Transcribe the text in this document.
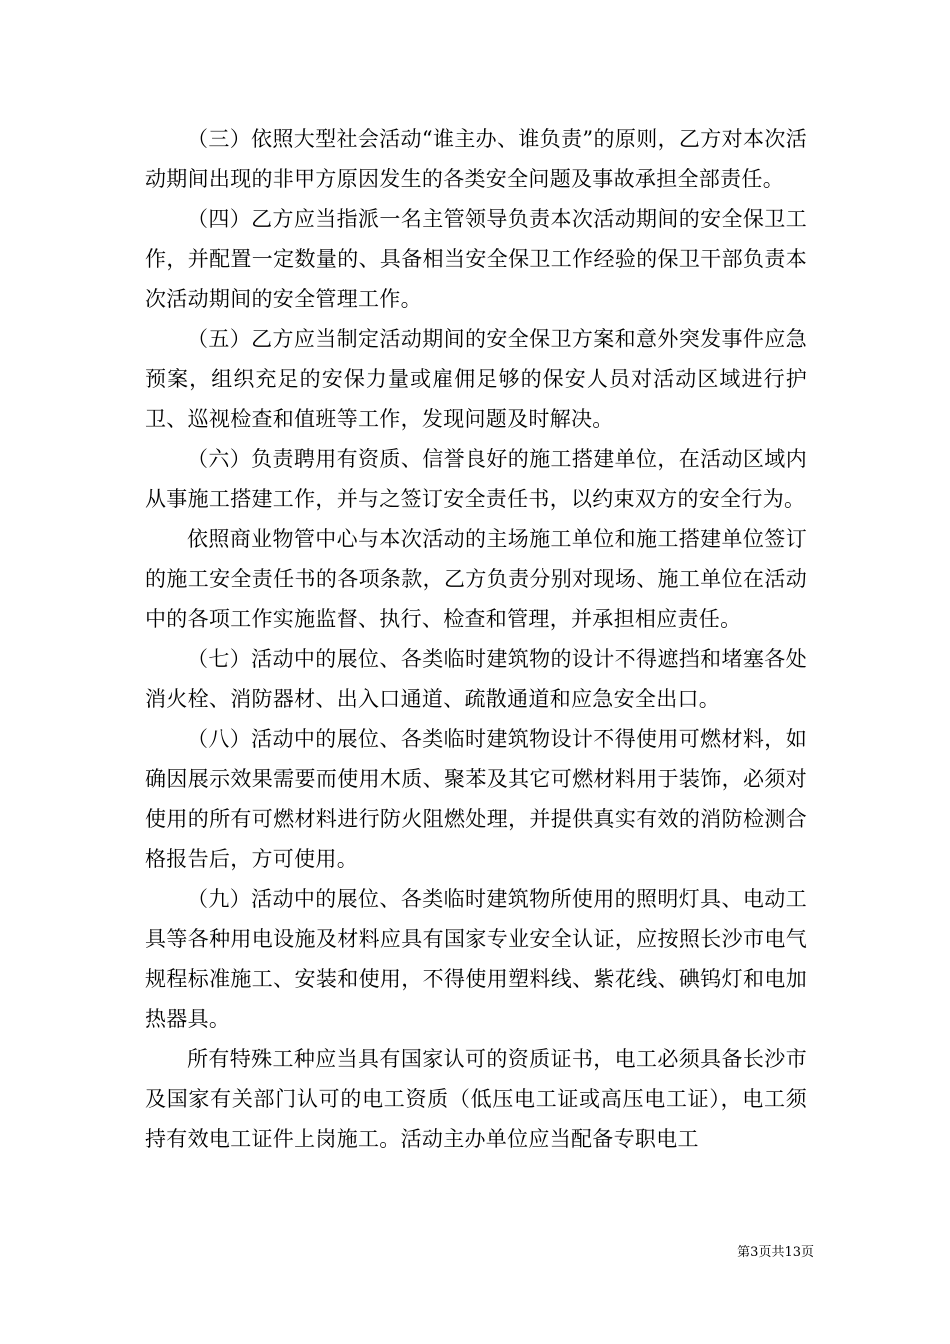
（三）依照大型社会活动“谁主办、谁负责”的原则，乙方对本次活动期间出现的非甲方原因发生的各类安全问题及事故承担全部责任。

（四）乙方应当指派一名主管领导负责本次活动期间的安全保卫工作，并配置一定数量的、具备相当安全保卫工作经验的保卫干部负责本次活动期间的安全管理工作。

（五）乙方应当制定活动期间的安全保卫方案和意外突发事件应急预案，组织充足的安保力量或雇佣足够的保安人员对活动区域进行护卫、巡视检查和值班等工作，发现问题及时解决。

（六）负责聘用有资质、信誉良好的施工搭建单位，在活动区域内从事施工搭建工作，并与之签订安全责任书，以约束双方的安全行为。

依照商业物管中心与本次活动的主场施工单位和施工搭建单位签订的施工安全责任书的各项条款，乙方负责分别对现场、施工单位在活动中的各项工作实施监督、执行、检查和管理，并承担相应责任。

（七）活动中的展位、各类临时建筑物的设计不得遮挡和堵塞各处消火栓、消防器材、出入口通道、疏散通道和应急安全出口。

（八）活动中的展位、各类临时建筑物设计不得使用可燃材料，如确因展示效果需要而使用木质、聚苯及其它可燃材料用于装饰，必须对使用的所有可燃材料进行防火阻燃处理，并提供真实有效的消防检测合格报告后，方可使用。

（九）活动中的展位、各类临时建筑物所使用的照明灯具、电动工具等各种用电设施及材料应具有国家专业安全认证，应按照长沙市电气规程标准施工、安装和使用，不得使用塑料线、紫花线、碘钨灯和电加热器具。

所有特殊工种应当具有国家认可的资质证书，电工必须具备长沙市及国家有关部门认可的电工资质（低压电工证或高压电工证），电工须持有效电工证件上岗施工。活动主办单位应当配备专职电工

第3页共13页
